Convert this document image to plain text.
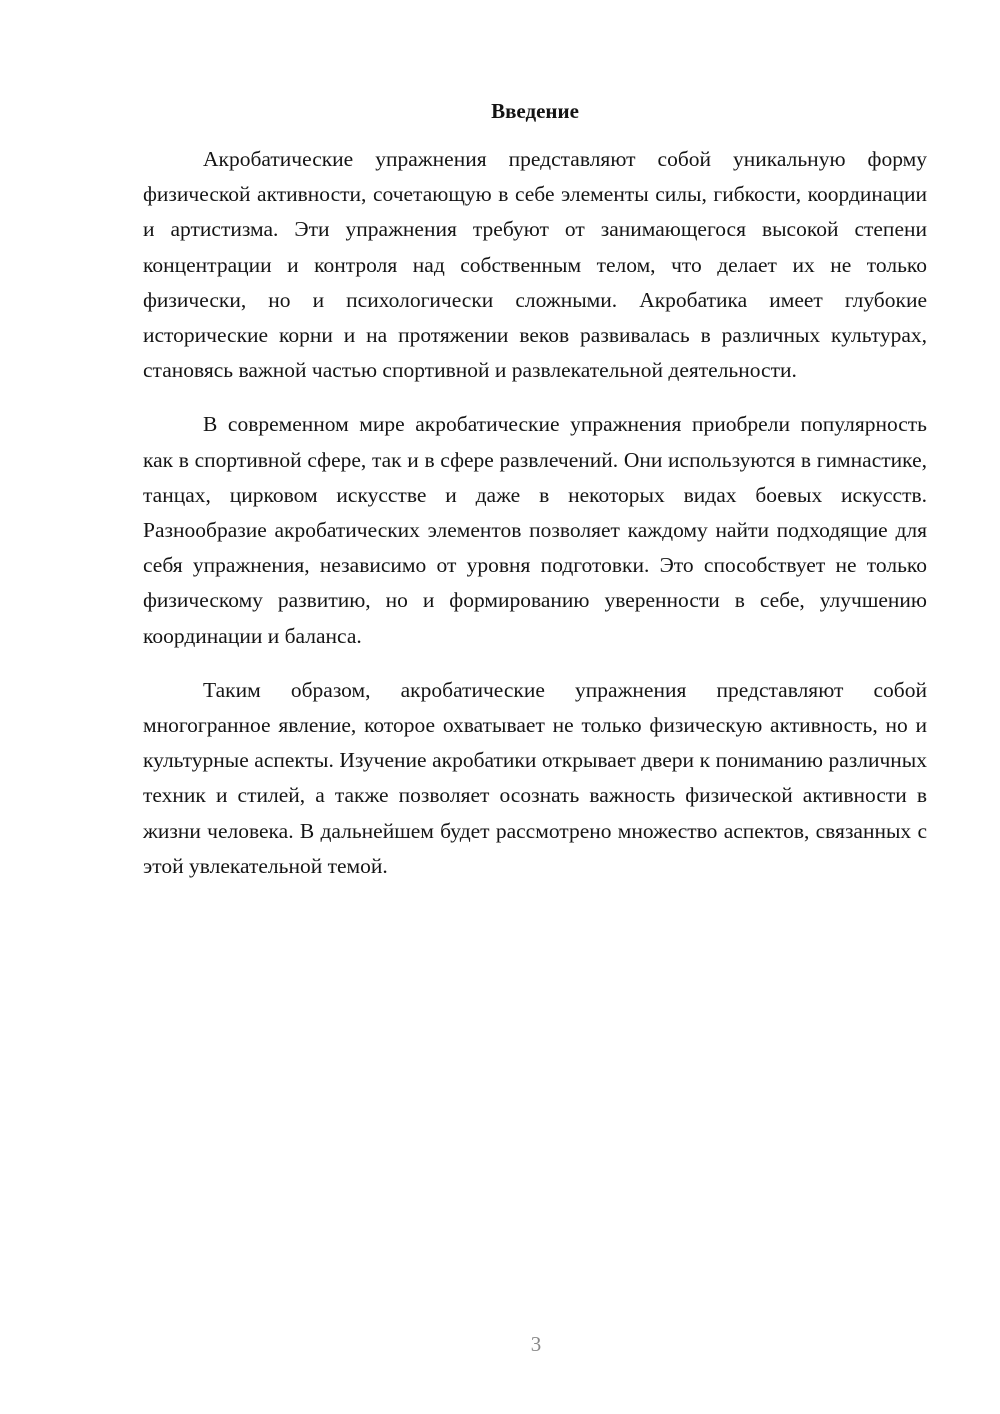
Введение

Акробатические упражнения представляют собой уникальную форму физической активности, сочетающую в себе элементы силы, гибкости, координации и артистизма. Эти упражнения требуют от занимающегося высокой степени концентрации и контроля над собственным телом, что делает их не только физически, но и психологически сложными. Акробатика имеет глубокие исторические корни и на протяжении веков развивалась в различных культурах, становясь важной частью спортивной и развлекательной деятельности.

В современном мире акробатические упражнения приобрели популярность как в спортивной сфере, так и в сфере развлечений. Они используются в гимнастике, танцах, цирковом искусстве и даже в некоторых видах боевых искусств. Разнообразие акробатических элементов позволяет каждому найти подходящие для себя упражнения, независимо от уровня подготовки. Это способствует не только физическому развитию, но и формированию уверенности в себе, улучшению координации и баланса.

Таким образом, акробатические упражнения представляют собой многогранное явление, которое охватывает не только физическую активность, но и культурные аспекты. Изучение акробатики открывает двери к пониманию различных техник и стилей, а также позволяет осознать важность физической активности в жизни человека. В дальнейшем будет рассмотрено множество аспектов, связанных с этой увлекательной темой.

3
